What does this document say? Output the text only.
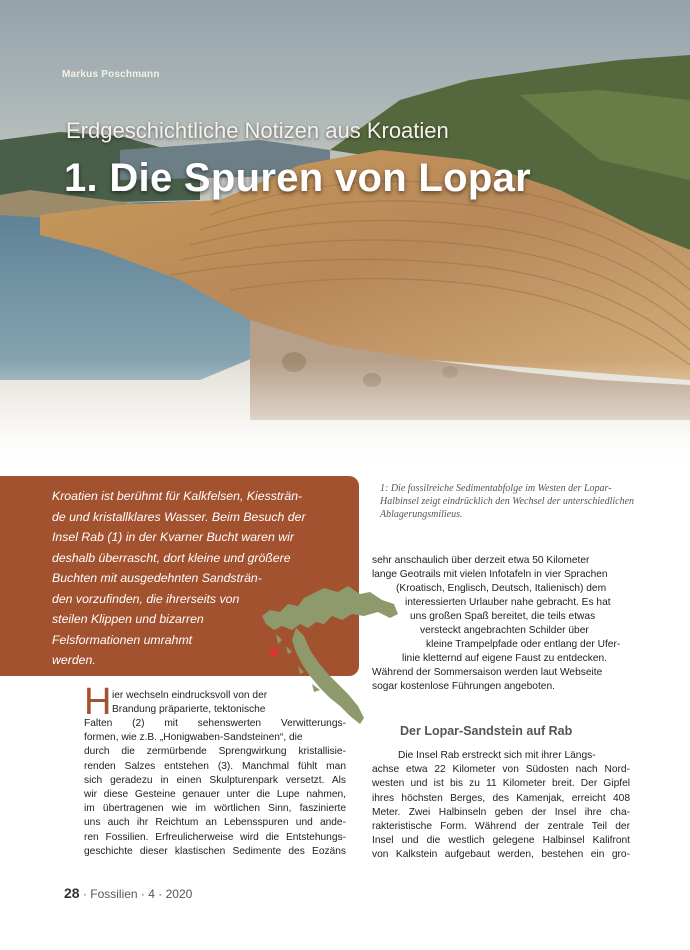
Markus Poschmann
Erdgeschichtliche Notizen aus Kroatien
1. Die Spuren von Lopar
1: Die fossilreiche Sedimentabfolge im Westen der Lopar-Halbinsel zeigt eindrücklich den Wechsel der unterschiedlichen Ablagerungsmilieus.
Kroatien ist berühmt für Kalkfelsen, Kiessträn-
de und kristallklares Wasser. Beim Besuch der
Insel Rab (1) in der Kvarner Bucht waren wir
deshalb überrascht, dort kleine und größere
Buchten mit ausgedehnten Sandsträn-
den vorzufinden, die ihrerseits von
steilen Klippen und bizarren
Felsformationen umrahmt
werden.
H ier wechseln eindrucksvoll von der
Brandung präparierte, tektonische
Falten (2) mit sehenswerten Verwitterungs-
formen, wie z.B. „Honigwaben-Sandsteinen“, die
durch die zermürbende Sprengwirkung kristallisie-
renden Salzes entstehen (3). Manchmal fühlt man
sich geradezu in einen Skulpturenpark versetzt. Als
wir diese Gesteine genauer unter die Lupe nahmen,
im übertragenen wie im wörtlichen Sinn, faszinierte
uns auch ihr Reichtum an Lebensspuren und ande-
ren Fossilien. Erfreulicherweise wird die Entstehungs-
geschichte dieser klastischen Sedimente des Eozäns
sehr anschaulich über derzeit etwa 50 Kilometer
lange Geotrails mit vielen Infotafeln in vier Sprachen
(Kroatisch, Englisch, Deutsch, Italienisch) dem
interessierten Urlauber nahe gebracht. Es hat
uns großen Spaß bereitet, die teils etwas
versteckt angebrachten Schilder über
kleine Trampelpfade oder entlang der Ufer-
linie kletternd auf eigene Faust zu entdecken.
Während der Sommersaison werden laut Webseite
sogar kostenlose Führungen angeboten.
Der Lopar-Sandstein auf Rab
Die Insel Rab erstreckt sich mit ihrer Längs-
achse etwa 22 Kilometer von Südosten nach Nord-
westen und ist bis zu 11 Kilometer breit. Der Gipfel
ihres höchsten Berges, des Kamenjak, erreicht 408
Meter. Zwei Halbinseln geben der Insel ihre cha-
rakteristische Form. Während der zentrale Teil der
Insel und die westlich gelegene Halbinsel Kalifront
von Kalkstein aufgebaut werden, bestehen ein gro-
28 · Fossilien · 4 · 2020
